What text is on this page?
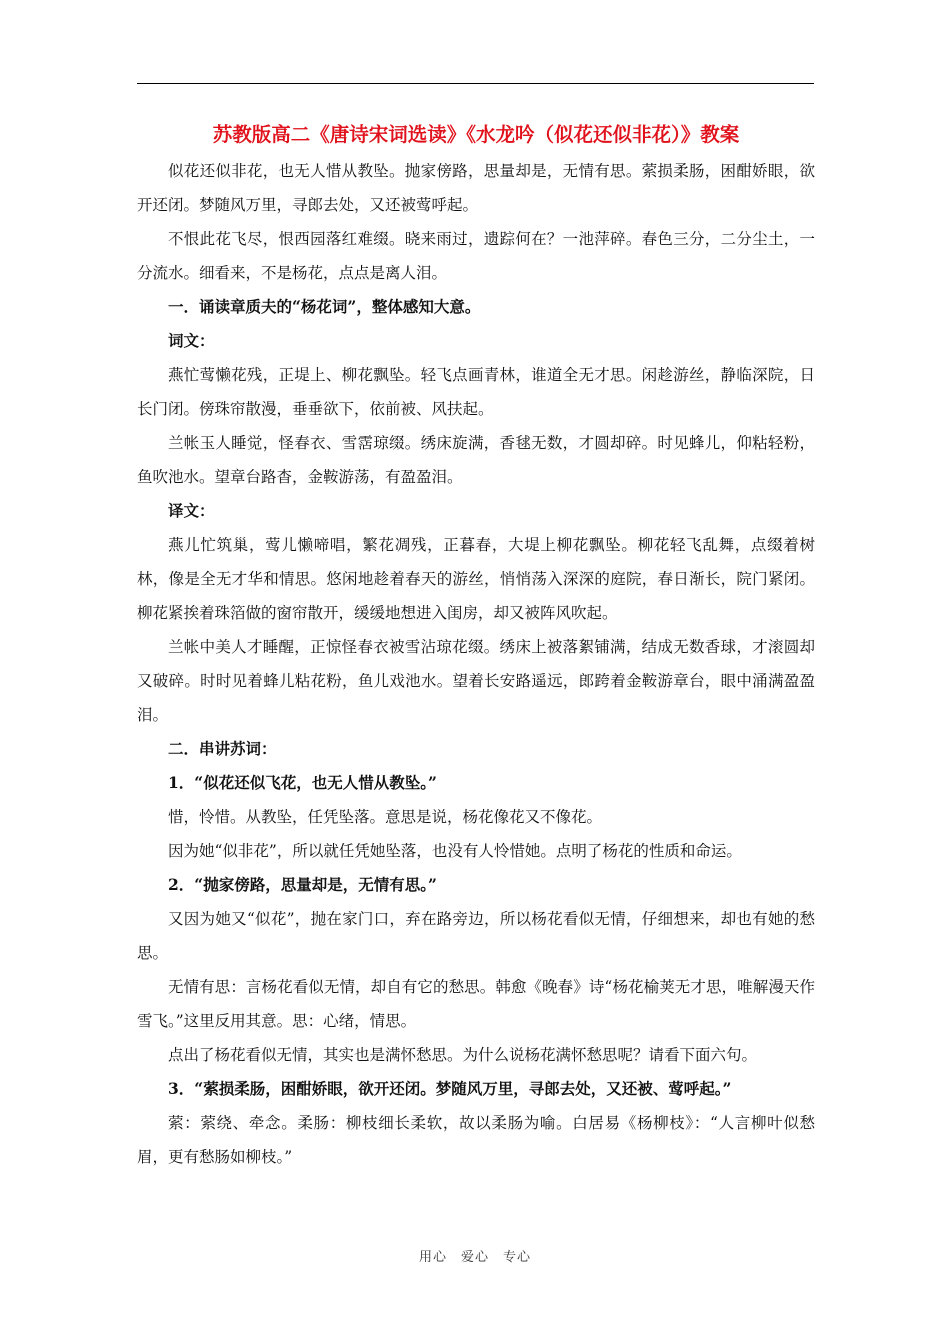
苏教版高二《唐诗宋词选读》《水龙吟（似花还似非花）》教案

似花还似非花，也无人惜从教坠。抛家傍路，思量却是，无情有思。萦损柔肠，困酣娇眼，欲开还闭。梦随风万里，寻郎去处，又还被莺呼起。

不恨此花飞尽，恨西园落红难缀。晓来雨过，遗踪何在？一池萍碎。春色三分，二分尘土，一分流水。细看来，不是杨花，点点是离人泪。

一．诵读章质夫的“杨花词”，整体感知大意。

词文：

燕忙莺懒花残，正堤上、柳花飘坠。轻飞点画青林，谁道全无才思。闲趁游丝，静临深院，日长门闭。傍珠帘散漫，垂垂欲下，依前被、风扶起。

兰帐玉人睡觉，怪春衣、雪霑琼缀。绣床旋满，香毬无数，才圆却碎。时见蜂儿，仰粘轻粉，鱼吹池水。望章台路杳，金鞍游荡，有盈盈泪。

译文：

燕儿忙筑巢，莺儿懒啼唱，繁花凋残，正暮春，大堤上柳花飘坠。柳花轻飞乱舞，点缀着树林，像是全无才华和情思。悠闲地趁着春天的游丝，悄悄荡入深深的庭院，春日渐长，院门紧闭。柳花紧挨着珠箔做的窗帘散开，缓缓地想进入闺房，却又被阵风吹起。

兰帐中美人才睡醒，正惊怪春衣被雪沾琼花缀。绣床上被落絮铺满，结成无数香球，才滚圆却又破碎。时时见着蜂儿粘花粉，鱼儿戏池水。望着长安路遥远，郎跨着金鞍游章台，眼中涌满盈盈泪。

二．串讲苏词：

1．“似花还似飞花，也无人惜从教坠。”

惜，怜惜。从教坠，任凭坠落。意思是说，杨花像花又不像花。

因为她“似非花”，所以就任凭她坠落，也没有人怜惜她。点明了杨花的性质和命运。

2．“抛家傍路，思量却是，无情有思。”

又因为她又“似花”，抛在家门口，弃在路旁边，所以杨花看似无情，仔细想来，却也有她的愁思。

无情有思：言杨花看似无情，却自有它的愁思。韩愈《晚春》诗“杨花榆荚无才思，唯解漫天作雪飞。”这里反用其意。思：心绪，情思。

点出了杨花看似无情，其实也是满怀愁思。为什么说杨花满怀愁思呢？请看下面六句。

3．“萦损柔肠，困酣娇眼，欲开还闭。梦随风万里，寻郎去处，又还被、莺呼起。”

萦：萦绕、牵念。柔肠：柳枝细长柔软，故以柔肠为喻。白居易《杨柳枝》：“人言柳叶似愁眉，更有愁肠如柳枝。”

用心　爱心　专心
